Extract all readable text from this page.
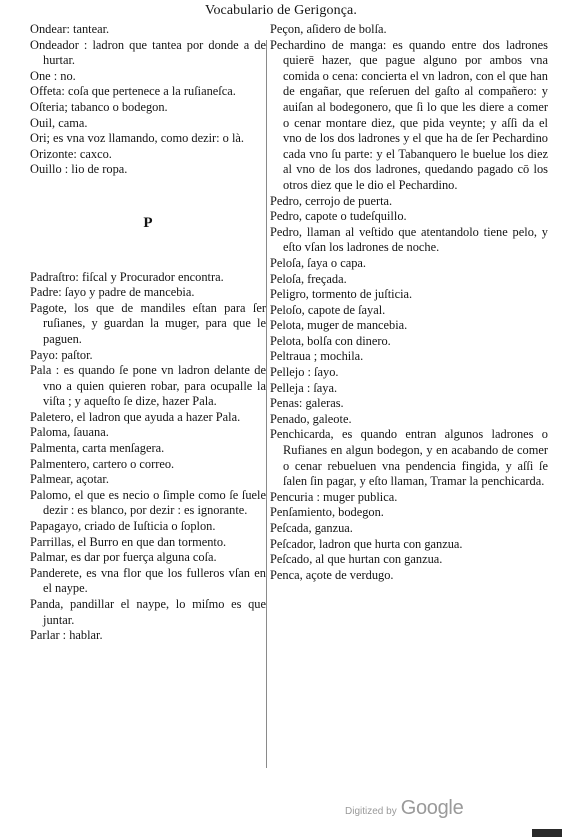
Vocabulario de Gerigonça.
Ondear: tantear.
Ondeador : ladron que tantea por donde a de hurtar.
One : no.
Offeta: coſa que pertenece a la ruſianeſca.
Oſteria; tabanco o bodegon.
Ouil, cama.
Ori; es vna voz llamando, como dezir: o là.
Orizonte: caxco.
Ouillo : lio de ropa.
P
Padraſtro: fiſcal y Procurador encontra.
Padre: ſayo y padre de mancebia.
Pagote, los que de mandiles eſtan para ſer ruſianes, y guardan la muger, para que le paguen.
Payo: paſtor.
Pala : es quando ſe pone vn ladron delante de vno a quien quieren robar, para ocupalle la viſta ; y aqueſto ſe dize, hazer Pala.
Paletero, el ladron que ayuda a hazer Pala.
Paloma, ſauana.
Palmenta, carta menſagera.
Palmentero, cartero o correo.
Palmear, açotar.
Palomo, el que es necio o ſimple como ſe ſuele dezir : es blanco, por dezir : es ignorante.
Papagayo, criado de Iuſticia o ſoplon.
Parrillas, el Burro en que dan tormento.
Palmar, es dar por fuerça alguna coſa.
Panderete, es vna flor que los fulleros vſan en el naype.
Panda, pandillar el naype, lo miſmo es que juntar.
Parlar : hablar.
Peçon, aſidero de bolſa.
Pechardino de manga: es quando entre dos ladrones quierē hazer, que pague alguno por ambos vna comida o cena: concierta el vn ladron, con el que han de engañar, que reſeruen del gaſto al compañero: y auiſan al bodegonero, que ſi lo que les diere a comer o cenar montare diez, que pida veynte; y aſſi da el vno de los dos ladrones y el que ha de ſer Pechardino cada vno ſu parte: y el Tabanquero le buelue los diez al vno de los dos ladrones, quedando pagado cō los otros diez que le dio el Pechardino.
Pedro, cerrojo de puerta.
Pedro, capote o tudeſquillo.
Pedro, llaman al veſtido que atentandolo tiene pelo, y eſto vſan los ladrones de noche.
Peloſa, ſaya o capa.
Peloſa, freçada.
Peligro, tormento de juſticia.
Peloſo, capote de ſayal.
Pelota, muger de mancebia.
Pelota, bolſa con dinero.
Peltraua ; mochila.
Pellejo : ſayo.
Pelleja : ſaya.
Penas: galeras.
Penado, galeote.
Penchicarda, es quando entran algunos ladrones o Rufianes en algun bodegon, y en acabando de comer o cenar rebueluen vna pendencia fingida, y aſſi ſe ſalen ſin pagar, y eſto llaman, Tramar la penchicarda.
Pencuria : muger publica.
Penſamiento, bodegon.
Peſcada, ganzua.
Peſcador, ladron que hurta con ganzua.
Peſcado, al que hurtan con ganzua.
Penca, açote de verdugo.
Digitized by Google
